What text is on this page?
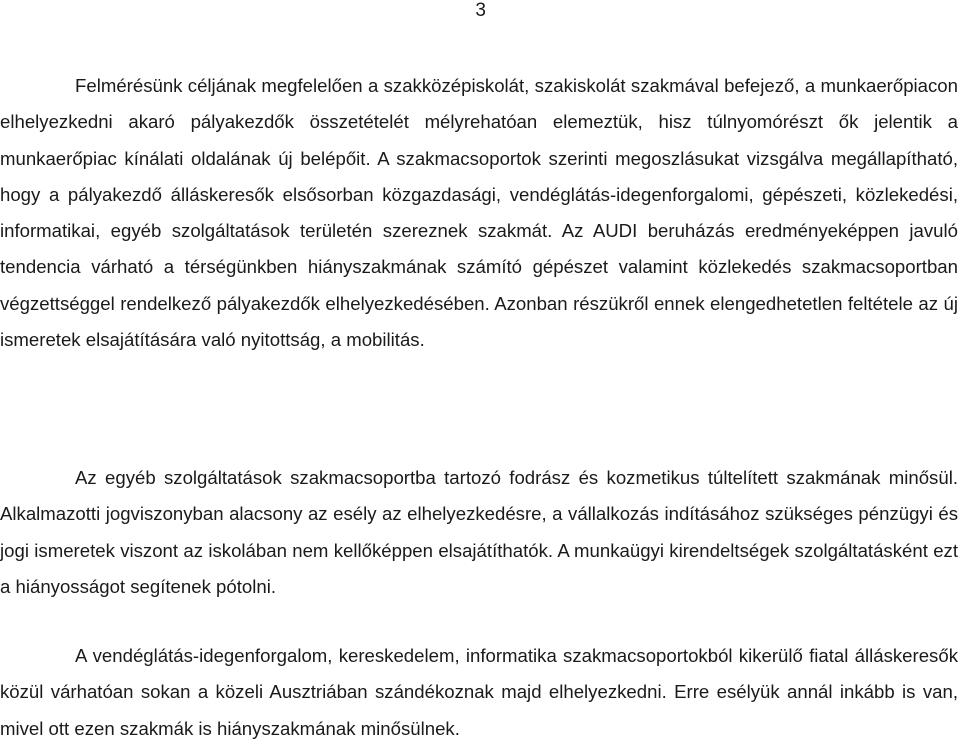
3

Felmérésünk céljának megfelelően a szakközépiskolát, szakiskolát szakmával befejező, a munkaerőpiacon elhelyezkedni akaró pályakezdők összetételét mélyrehatóan elemeztük, hisz túlnyomórészt ők jelentik a munkaerőpiac kínálati oldalának új belépőit. A szakmacsoportok szerinti megoszlásukat vizsgálva megállapítható, hogy a pályakezdő álláskeresők elsősorban közgazdasági, vendéglátás-idegenforgalomi, gépészeti, közlekedési, informatikai, egyéb szolgáltatások területén szereznek szakmát. Az AUDI beruházás eredményeképpen javuló tendencia várható a térségünkben hiányszakmának számító gépészet valamint közlekedés szakmacsoportban végzettséggel rendelkező pályakezdők elhelyezkedésében. Azonban részükről ennek elengedhetetlen feltétele az új ismeretek elsajátítására való nyitottság, a mobilitás.

Az egyéb szolgáltatások szakmacsoportba tartozó fodrász és kozmetikus túltelített szakmának minősül. Alkalmazotti jogviszonyban alacsony az esély az elhelyezkedésre, a vállalkozás indításához szükséges pénzügyi és jogi ismeretek viszont az iskolában nem kellőképpen elsajátíthatók. A munkaügyi kirendeltségek szolgáltatásként ezt a hiányosságot segítenek pótolni.

A vendéglátás-idegenforgalom, kereskedelem, informatika szakmacsoportokból kikerülő fiatal álláskeresők közül várhatóan sokan a közeli Ausztriában szándékoznak majd elhelyezkedni. Erre esélyük annál inkább is van, mivel ott ezen szakmák is hiányszakmának minősülnek.
